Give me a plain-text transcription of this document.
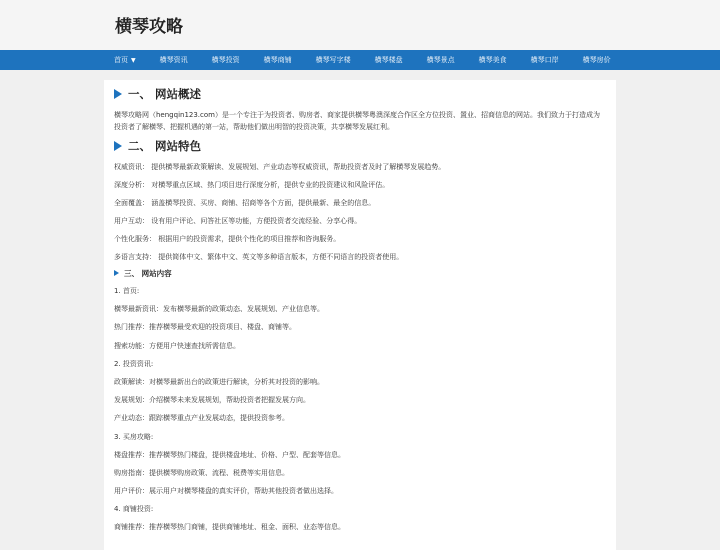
横琴攻略
首页 ▼	横琴资讯	横琴投资	横琴商铺	横琴写字楼	横琴楼盘	横琴景点	横琴美食	横琴口岸	横琴房价
一、 网站概述

横琴攻略网（hengqin123.com）是一个专注于为投资者、购房者、商家提供横琴粤澳深度合作区全方位投资、置业、招商信息的网站。我们致力于打造成为投资者了解横琴、把握机遇的第一站，帮助他们做出明智的投资决策，共享横琴发展红利。

二、 网站特色
权威资讯： 提供横琴最新政策解读、发展规划、产业动态等权威资讯，帮助投资者及时了解横琴发展趋势。
深度分析： 对横琴重点区域、热门项目进行深度分析，提供专业的投资建议和风险评估。
全面覆盖： 涵盖横琴投资、买房、商铺、招商等各个方面，提供最新、最全的信息。
用户互动： 设有用户评论、问答社区等功能，方便投资者交流经验、分享心得。
个性化服务： 根据用户的投资需求，提供个性化的项目推荐和咨询服务。
多语言支持： 提供简体中文、繁体中文、英文等多种语言版本，方便不同语言的投资者使用。
三、 网站内容
1. 首页:
横琴最新资讯：发布横琴最新的政策动态、发展规划、产业信息等。
热门推荐：推荐横琴最受欢迎的投资项目、楼盘、商铺等。
搜索功能：方便用户快速查找所需信息。
2. 投资资讯:
政策解读：对横琴最新出台的政策进行解读，分析其对投资的影响。
发展规划：介绍横琴未来发展规划，帮助投资者把握发展方向。
产业动态：跟踪横琴重点产业发展动态，提供投资参考。
3. 买房攻略:
楼盘推荐：推荐横琴热门楼盘，提供楼盘地址、价格、户型、配套等信息。
购房指南：提供横琴购房政策、流程、税费等实用信息。
用户评价：展示用户对横琴楼盘的真实评价，帮助其他投资者做出选择。
4. 商铺投资:
商铺推荐：推荐横琴热门商铺，提供商铺地址、租金、面积、业态等信息。
